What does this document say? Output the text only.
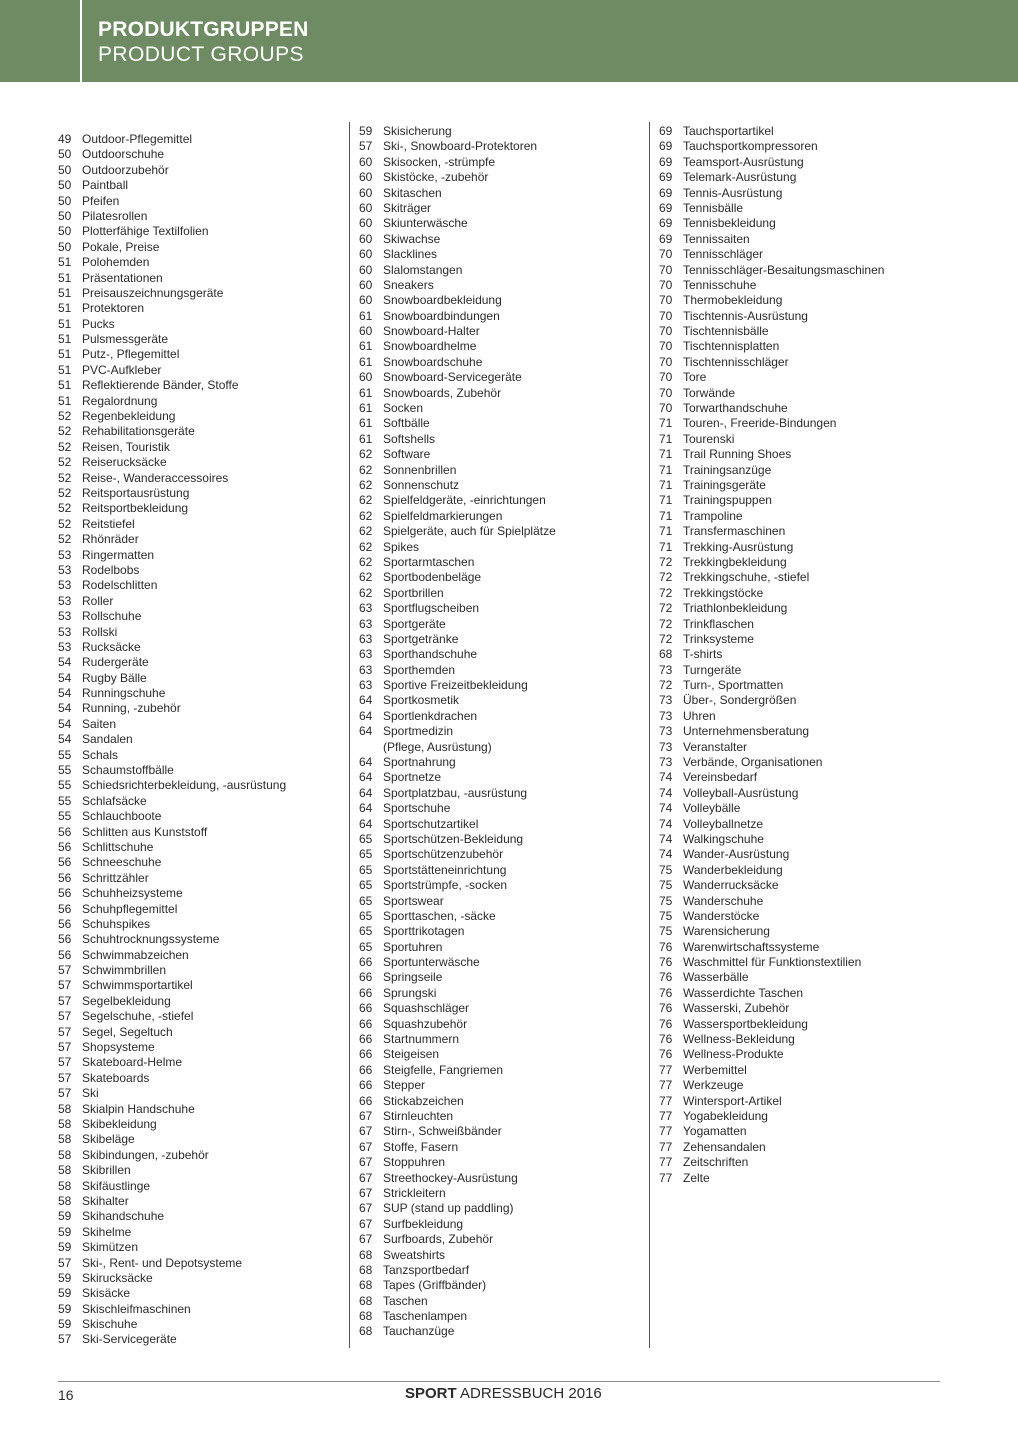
PRODUKTGRUPPEN
PRODUCT GROUPS
49 Outdoor-Pflegemittel
50 Outdoorschuhe
50 Outdoorzubehör
50 Paintball
50 Pfeifen
50 Pilatesrollen
50 Plotterfähige Textilfolien
50 Pokale, Preise
51 Polohemden
51 Präsentationen
51 Preisauszeichnungsgeräte
51 Protektoren
51 Pucks
51 Pulsmessgeräte
51 Putz-, Pflegemittel
51 PVC-Aufkleber
51 Reflektierende Bänder, Stoffe
51 Regalordnung
52 Regenbekleidung
52 Rehabilitationsgeräte
52 Reisen, Touristik
52 Reiserucksäcke
52 Reise-, Wanderaccessoires
52 Reitsportausrüstung
52 Reitsportbekleidung
52 Reitstiefel
52 Rhönräder
53 Ringermatten
53 Rodelbobs
53 Rodelschlitten
53 Roller
53 Rollschuhe
53 Rollski
53 Rucksäcke
54 Rudergeräte
54 Rugby Bälle
54 Runningschuhe
54 Running, -zubehör
54 Saiten
54 Sandalen
55 Schals
55 Schaumstoffbälle
55 Schiedsrichterbekleidung, -ausrüstung
55 Schlafsäcke
55 Schlauchboote
56 Schlitten aus Kunststoff
56 Schlittschuhe
56 Schneeschuhe
56 Schrittzähler
56 Schuhheizsysteme
56 Schuhpflegemittel
56 Schuhspikes
56 Schuhtrocknungssysteme
56 Schwimmabzeichen
57 Schwimmbrillen
57 Schwimmsportartikel
57 Segelbekleidung
57 Segelschuhe, -stiefel
57 Segel, Segeltuch
57 Shopsysteme
57 Skateboard-Helme
57 Skateboards
57 Ski
58 Skialpin Handschuhe
58 Skibekleidung
58 Skibeläge
58 Skibindungen, -zubehör
58 Skibrillen
58 Skifäustlinge
58 Skihalter
59 Skihandschuhe
59 Skihelme
59 Skimützen
57 Ski-, Rent- und Depotsysteme
59 Skirucksäcke
59 Skisäcke
59 Skischleifmaschinen
59 Skischuhe
57 Ski-Servicegeräte
59 Skisicherung
57 Ski-, Snowboard-Protektoren
60 Skisocken, -strümpfe
60 Skistöcke, -zubehör
60 Skitaschen
60 Skiträger
60 Skiunterwäsche
60 Skiwachse
60 Slacklines
60 Slalomstangen
60 Sneakers
60 Snowboardbekleidung
61 Snowboardbindungen
60 Snowboard-Halter
61 Snowboardhelme
61 Snowboardschuhe
60 Snowboard-Servicegeräte
61 Snowboards, Zubehör
61 Socken
61 Softbälle
61 Softshells
62 Software
62 Sonnenbrillen
62 Sonnenschutz
62 Spielfeldgeräte, -einrichtungen
62 Spielfeldmarkierungen
62 Spielgeräte, auch für Spielplätze
62 Spikes
62 Sportarmtaschen
62 Sportbodenbeläge
62 Sportbrillen
63 Sportflugscheiben
63 Sportgeräte
63 Sportgetränke
63 Sporthandschuhe
63 Sporthemden
63 Sportive Freizeitbekleidung
64 Sportkosmetik
64 Sportlenkdrachen
64 Sportmedizin
(Pflege, Ausrüstung)
64 Sportnahrung
64 Sportnetze
64 Sportplatzbau, -ausrüstung
64 Sportschuhe
64 Sportschutzartikel
65 Sportschützen-Bekleidung
65 Sportschützenzubehör
65 Sportstätteneinrichtung
65 Sportstrümpfe, -socken
65 Sportswear
65 Sporttaschen, -säcke
65 Sporttrikotagen
65 Sportuhren
66 Sportunterwäsche
66 Springseile
66 Sprungski
66 Squashschläger
66 Squashzubehör
66 Startnummern
66 Steigeisen
66 Steigfelle, Fangriemen
66 Stepper
66 Stickabzeichen
67 Stirnleuchten
67 Stirn-, Schweißbänder
67 Stoffe, Fasern
67 Stoppuhren
67 Streethockey-Ausrüstung
67 Strickleitern
67 SUP (stand up paddling)
67 Surfbekleidung
67 Surfboards, Zubehör
68 Sweatshirts
68 Tanzsportbedarf
68 Tapes (Griffbänder)
68 Taschen
68 Taschenlampen
68 Tauchanzüge
69 Tauchsportartikel
69 Tauchsportkompressoren
69 Teamsport-Ausrüstung
69 Telemark-Ausrüstung
69 Tennis-Ausrüstung
69 Tennisbälle
69 Tennisbekleidung
69 Tennissaiten
70 Tennisschläger
70 Tennisschläger-Besaitungsmaschinen
70 Tennisschuhe
70 Thermobekleidung
70 Tischtennis-Ausrüstung
70 Tischtennisbälle
70 Tischtennisplatten
70 Tischtennisschläger
70 Tore
70 Torwände
70 Torwarthandschuhe
71 Touren-, Freeride-Bindungen
71 Tourenski
71 Trail Running Shoes
71 Trainingsanzüge
71 Trainingsgeräte
71 Trainingspuppen
71 Trampoline
71 Transfermaschinen
71 Trekking-Ausrüstung
72 Trekkingbekleidung
72 Trekkingschuhe, -stiefel
72 Trekkingstöcke
72 Triathlonbekleidung
72 Trinkflaschen
72 Trinksysteme
68 T-shirts
73 Turngeräte
72 Turn-, Sportmatten
73 Über-, Sondergrößen
73 Uhren
73 Unternehmensberatung
73 Veranstalter
73 Verbände, Organisationen
74 Vereinsbedarf
74 Volleyball-Ausrüstung
74 Volleybälle
74 Volleyballnetze
74 Walkingschuhe
74 Wander-Ausrüstung
75 Wanderbekleidung
75 Wanderrucksäcke
75 Wanderschuhe
75 Wanderstöcke
75 Warensicherung
76 Warenwirtschaftssysteme
76 Waschmittel für Funktionstextilien
76 Wasserbälle
76 Wasserdichte Taschen
76 Wasserski, Zubehör
76 Wassersportbekleidung
76 Wellness-Bekleidung
76 Wellness-Produkte
77 Werbemittel
77 Werkzeuge
77 Wintersport-Artikel
77 Yogabekleidung
77 Yogamatten
77 Zehensandalen
77 Zeitschriften
77 Zelte
16	SPORT ADRESSBUCH 2016
